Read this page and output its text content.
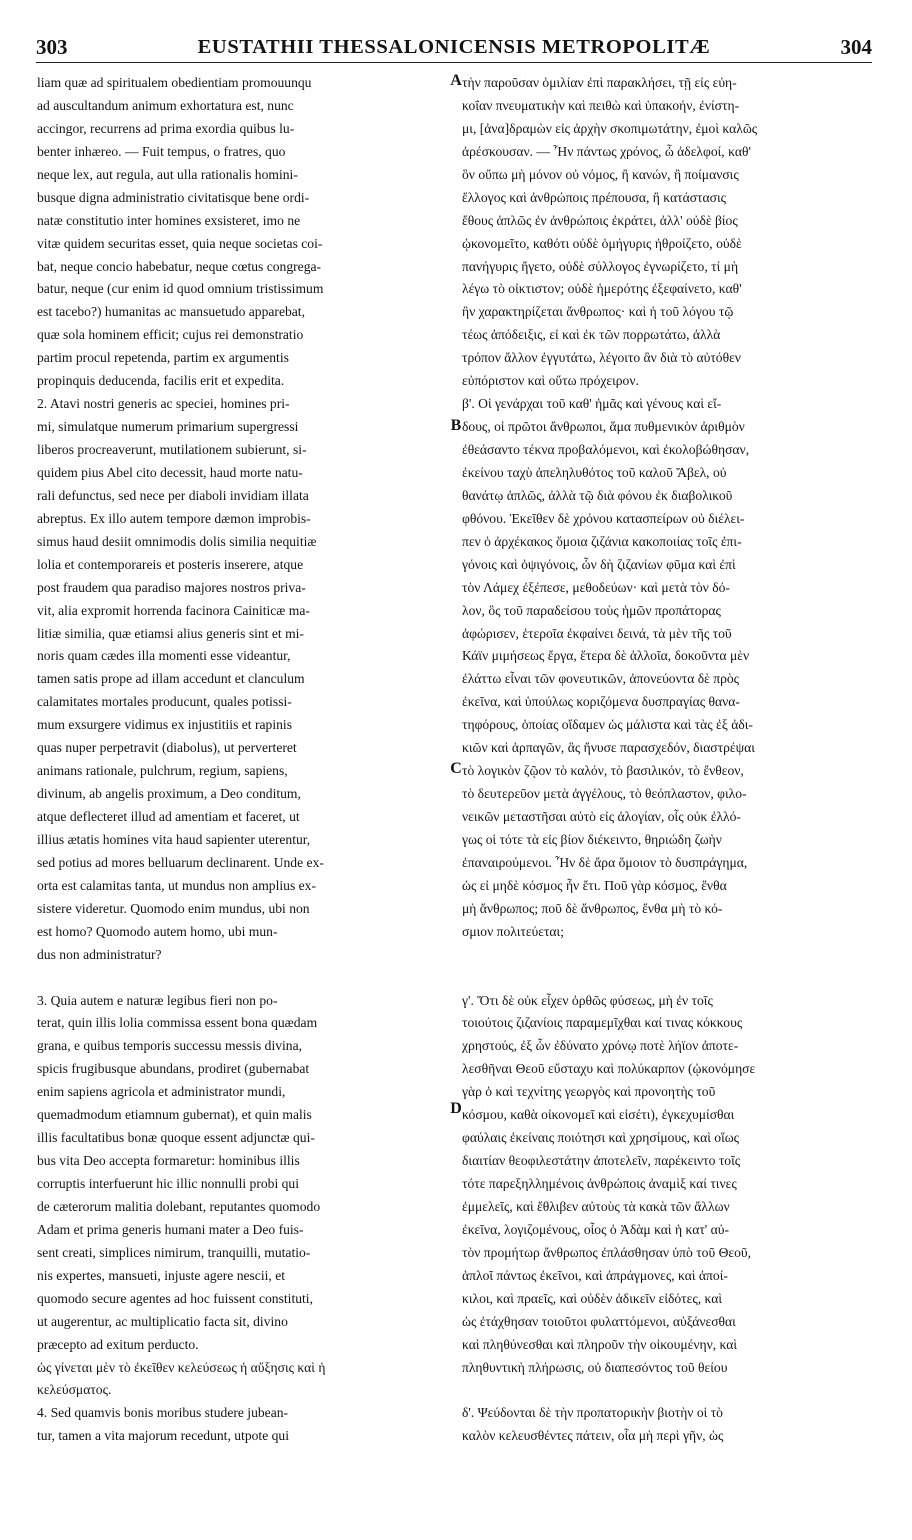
303	EUSTATHII THESSALONICENSIS METROPOLITÆ	304
liam quæ ad spiritualem obedientiam promouunqu
ad auscultandum animum exhortatura est, nunc
accingor, recurrens ad prima exordia quibus lu-
benter inhæreo. — Fuit tempus, o fratres, quo
neque lex, aut regula, aut ulla rationalis homini-
busque digna administratio civitatisque bene ordi-
natæ constitutio inter homines exsisteret, imo ne
vitæ quidem securitas esset, quia neque societas coi-
bat, neque concio habebatur, neque cœtus congrega-
batur, neque (cur enim id quod omnium tristissimum
est tacebo?) humanitas ac mansuetudo apparebat,
quæ sola hominem efficit; cujus rei demonstratio
partim procul repetenda, partim ex argumentis
propinquis deducenda, facilis erit et expedita.
2. Atavi nostri generis ac speciei, homines pri-
mi, simulatque numerum primarium supergressi
liberos procreaverunt, mutilationem subierunt, si-
quidem pius Abel cito decessit, haud morte natu-
rali defunctus, sed nece per diaboli invidiam illata
abreptus. Ex illo autem tempore dæmon improbis-
simus haud desiit omnimodis dolis similia nequitiæ
lolia et contemporareis et posteris inserere, atque
post fraudem qua paradiso majores nostros priva-
vit, alia expromit horrenda facinora Cainiticæ ma-
litiæ similia, quæ etiamsi alius generis sint et mi-
noris quam cædes illa momenti esse videantur,
tamen satis prope ad illam accedunt et clanculum
calamitates mortales producunt, quales potissi-
mum exsurgere vidimus ex injustitiis et rapinis
quas nuper perpetravit (diabolus), ut perverteret
animans rationale, pulchrum, regium, sapiens,
divinum, ab angelis proximum, a Deo conditum,
atque deflecteret illud ad amentiam et faceret, ut
illius ætatis homines vita haud sapienter uterentur,
sed potius ad mores belluarum declinarent. Unde ex-
orta est calamitas tanta, ut mundus non amplius ex-
sistere videretur. Quomodo enim mundus, ubi non
est homo? Quomodo autem homo, ubi mun-
dus non administratur?
3. Quia autem e naturæ legibus fieri non po-
terat, quin illis lolia commissa essent bona quædam
grana, e quibus temporis successu messis divina,
spicis frugibusque abundans, prodiret (gubernabat
enim sapiens agricola et administrator mundi,
quemadmodum etiamnum gubernat), et quin malis
illis facultatibus bonæ quoque essent adjunctæ qui-
bus vita Deo accepta formaretur: hominibus illis
corruptis interfuerunt hic illic nonnulli probi qui
de cæterorum malitia dolebant, reputantes quomodo
Adam et prima generis humani mater a Deo fuis-
sent creati, simplices nimirum, tranquilli, mutatio-
nis expertes, mansueti, injuste agere nescii, et
quomodo secure agentes ad hoc fuissent constituti,
ut augerentur, ac multiplicatio facta sit, divino
præcepto ad exitum perducto.
ὡς γίνεται μὲν τὸ ἐκεῖθεν κελεύσεως ἡ αὔξησις καὶ ἡ
κελεύσματος.
4. Sed quamvis bonis moribus studere jubean-
tur, tamen a vita majorum recedunt, utpote qui
τὴν παροῦσαν ὁμιλίαν ἐπὶ παρακλήσει, τῇ εἰς εὐη-
κοΐαν πνευματικὴν καὶ πειθὼ καὶ ὑπακοήν, ἐνίστη-
μι, [ἀνα]δραμὼν εἰς ἀρχὴν σκοπιμωτάτην, ἐμοὶ καλῶς
ἀρέσκουσαν. — Ἦν πάντως χρόνος, ὦ ἀδελφοί, καθ'
ὃν οὔπω μὴ μόνον οὐ νόμος, ἢ κανών, ἢ ποίμανσις
ἔλλογος καὶ ἀνθρώποις πρέπουσα, ἢ κατάστασις
ἔθους ἁπλῶς ἐν ἀνθρώποις ἐκράτει, ἀλλ' οὐδὲ βίος
ᾠκονομεῖτο, καθότι οὐδὲ ὁμήγυρις ἠθροίζετο, οὐδὲ
πανήγυρις ἤγετο, οὐδὲ σύλλογος ἐγνωρίζετο, τί μὴ
λέγω τὸ οἰκτιστον; οὐδὲ ἡμερότης ἐξεφαίνετο, καθ'
ἣν χαρακτηρίζεται ἄνθρωπος· καὶ ἡ τοῦ λόγου τῷ
τέως ἀπόδειξις, εἰ καὶ ἐκ τῶν πορρωτάτω, ἀλλὰ
τρόπον ἄλλον ἐγγυτάτω, λέγοιτο ἂν διὰ τὸ αὐτόθεν
εὐπόριστον καὶ οὕτω πρόχειρον.
β'. Οἱ γενάρχαι τοῦ καθ' ἡμᾶς καὶ γένους καὶ εἴ-
δους, οἱ πρῶτοι ἄνθρωποι, ἅμα πυθμενικὸν ἀριθμὸν
ἐθεάσαντο τέκνα προβαλόμενοι, καὶ ἐκολοβώθησαν,
ἐκείνου ταχὺ ἀπεληλυθότος τοῦ καλοῦ Ἄβελ, οὐ
θανάτῳ ἁπλῶς, ἀλλὰ τῷ διὰ φόνου ἐκ διαβολικοῦ
φθόνου. Ἐκεῖθεν δὲ χρόνου κατασπείρων οὐ διέλει-
πεν ὁ ἀρχέκακος ὅμοια ζιζάνια κακοποιίας τοῖς ἐπι-
γόνοις καὶ ὀψιγόνοις, ὧν δὴ ζιζανίων φῦμα καὶ ἐπὶ
τὸν Λάμεχ ἐξέπεσε, μεθοδεύων· καὶ μετὰ τὸν δό-
λον, ὃς τοῦ παραδείσου τοὺς ἡμῶν προπάτορας
ἀφώρισεν, ἑτεροῖα ἐκφαίνει δεινά, τὰ μὲν τῆς τοῦ
Κάϊν μιμήσεως ἔργα, ἕτερα δὲ ἀλλοῖα, δοκοῦντα μὲν
ἐλάττω εἶναι τῶν φονευτικῶν, ἀπονεύοντα δὲ πρὸς
ἐκεῖνα, καὶ ὑπούλως κοριζόμενα δυσπραγίας θανα-
τηφόρους, ὁποίας οἴδαμεν ὡς μάλιστα καὶ τὰς ἐξ ἀδι-
κιῶν καὶ ἁρπαγῶν, ἃς ἤνυσε παρασχεδόν, διαστρέψαι
τὸ λογικὸν ζῷον τὸ καλόν, τὸ βασιλικόν, τὸ ἔνθεον,
τὸ δευτερεῦον μετὰ ἀγγέλους, τὸ θεόπλαστον, φιλο-
νεικῶν μεταστῆσαι αὐτὸ εἰς ἀλογίαν, οἷς οὐκ ἐλλό-
γως οἱ τότε τὰ εἰς βίον διέκειντο, θηριώδη ζωὴν
ἐπαναιρούμενοι. Ἦν δὲ ἄρα ὅμοιον τὸ δυσπράγημα,
ὡς εἰ μηδὲ κόσμος ἦν ἔτι. Ποῦ γὰρ κόσμος, ἔνθα
μὴ ἄνθρωπος; ποῦ δὲ ἄνθρωπος, ἔνθα μὴ τὸ κό-
σμιον πολιτεύεται;
γ'. Ὅτι δὲ οὐκ εἶχεν ὀρθῶς φύσεως, μὴ ἐν τοῖς
τοιούτοις ζιζανίοις παραμεμῖχθαι καί τινας κόκκους
χρηστούς, ἐξ ὧν ἐδύνατο χρόνῳ ποτὲ λήϊον ἀποτε-
λεσθῆναι Θεοῦ εὔσταχυ καὶ πολύκαρπον (ᾠκονόμησε
γὰρ ὁ καὶ τεχνίτης γεωργὸς καὶ προνοητὴς τοῦ
κόσμου, καθὰ οἰκονομεῖ καὶ εἰσέτι), ἐγκεχυμίσθαι
φαύλαις ἐκείναις ποιότησι καὶ χρησίμους, καὶ οἵως
διαιτίαν θεοφιλεστάτην ἀποτελεῖν, παρέκειντο τοῖς
τότε παρεξηλλημένοις ἀνθρώποις ἀναμὶξ καί τινες
ἐμμελεῖς, καὶ ἔθλιβεν αὐτοὺς τὰ κακὰ τῶν ἄλλων
ἐκεῖνα, λογιζομένους, οἷος ὁ Ἀδὰμ καὶ ἡ κατ' αὐ-
τὸν προμήτωρ ἄνθρωπος ἐπλάσθησαν ὑπὸ τοῦ Θεοῦ,
ἁπλοῖ πάντως ἐκεῖνοι, καὶ ἀπράγμονες, καὶ ἀποί-
κιλοι, καὶ πραεῖς, καὶ οὐδὲν ἀδικεῖν εἰδότες, καὶ
ὡς ἐτάχθησαν τοιοῦτοι φυλαττόμενοι, αὐξάνεσθαι
καὶ πληθύνεσθαι καὶ πληροῦν τὴν οἰκουμένην, καὶ
πληθυντικὴ πλήρωσις, οὐ διαπεσόντος τοῦ θείου
δ'. Ψεύδονται δὲ τὴν προπατορικὴν βιοτὴν οἱ τὸ
καλὸν κελευσθέντες πάτειν, οἷα μὴ περὶ γῆν, ὡς
A
B
C
D
